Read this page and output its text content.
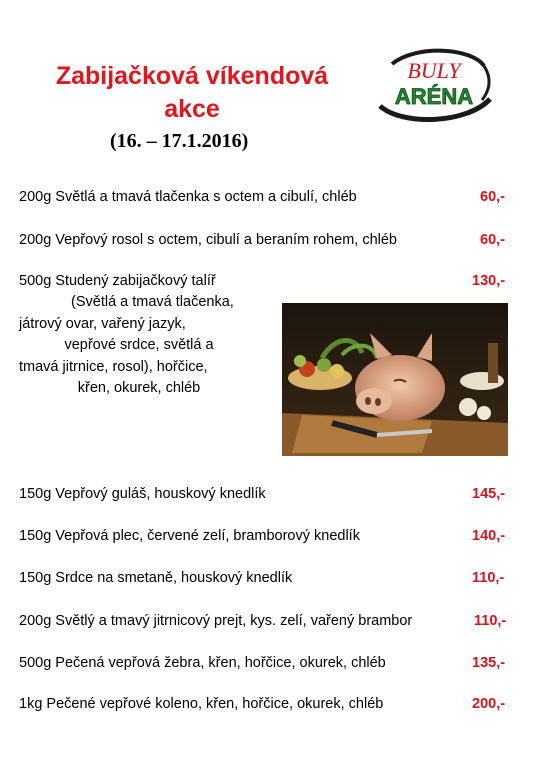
Zabijačková víkendová
akce
(16. – 17.1.2016)
BULY
ARÉNA
200g Světlá a tmavá tlačenka s octem a cibulí, chléb	60,-
200g Vepřový rosol s octem, cibulí a beraním rohem, chléb	60,-
500g Studený zabijačkový talíř	130,-
(Světlá a tmavá tlačenka,
játrový ovar, vařený jazyk,
vepřové srdce, světlá a
tmavá jitrnice, rosol), hořčice,
křen, okurek, chléb
150g Vepřový guláš, houskový knedlík	145,-
150g Vepřová plec, červené zelí, bramborový knedlík	140,-
150g Srdce na smetaně, houskový knedlík	110,-
200g Světlý a tmavý jitrnicový prejt, kys. zelí, vařený brambor	110,-
500g Pečená vepřová žebra, křen, hořčice, okurek, chléb	135,-
1kg Pečené vepřové koleno, křen, hořčice, okurek, chléb	200,-
